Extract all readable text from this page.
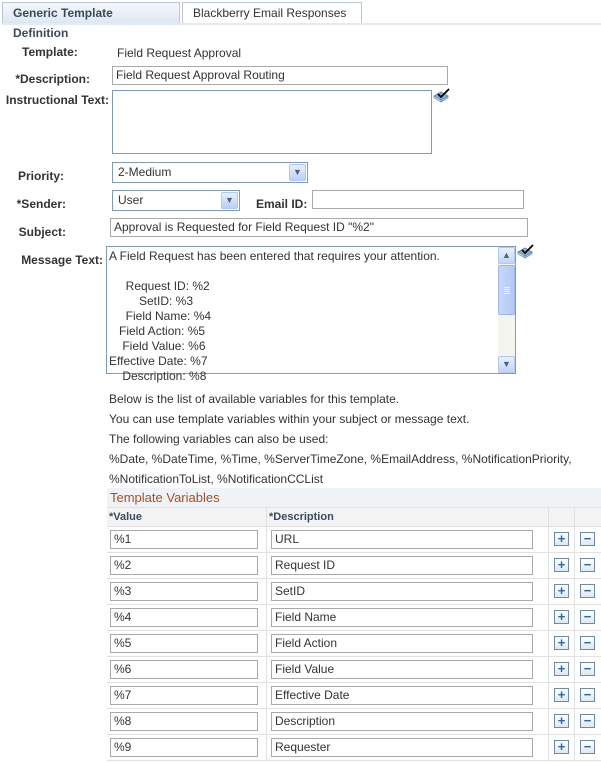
Generic Template Definition
Blackberry Email Responses
Template:	Field Request Approval
*Description:	Field Request Approval Routing
Instructional Text:
Priority:	2-Medium	▼
*Sender:	User	▼	Email ID:
Subject:	Approval is Requested for Field Request ID "%2"
Message Text: A Field Request has been entered that requires your attention.
Request ID: %2
SetID: %3
Field Name: %4
Field Action: %5
Field Value: %6
Effective Date: %7
Description: %8
▲
▼
Below is the list of available variables for this template.
You can use template variables within your subject or message text.
The following variables can also be used:
%Date, %DateTime, %Time, %ServerTimeZone, %EmailAddress, %NotificationPriority,
%NotificationToList, %NotificationCCList
Template Variables
*Value	*Description
%1	URL	+ −
%2	Request ID	+ −
%3	SetID	+ −
%4	Field Name	+ −
%5	Field Action	+ −
%6	Field Value	+ −
%7	Effective Date	+ −
%8	Description	+ −
%9	Requester	+ −
